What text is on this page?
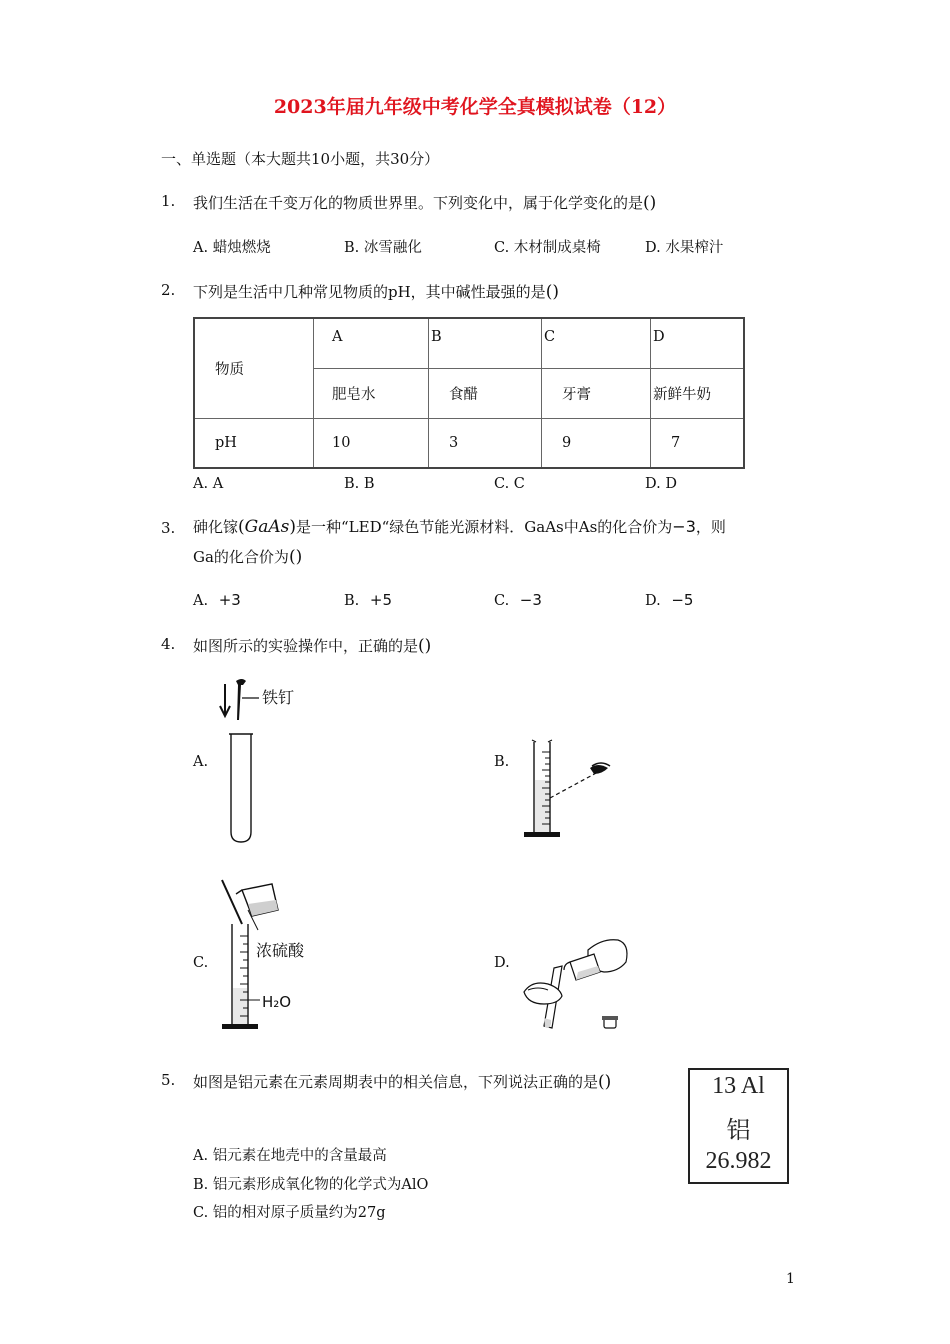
2023年届九年级中考化学全真模拟试卷（12）
一、单选题（本大题共10小题，共30分）
1. 我们生活在千变万化的物质世界里。下列变化中，属于化学变化的是()
A. 蜡烛燃烧	B. 冰雪融化	C. 木材制成桌椅	D. 水果榨汁
2. 下列是生活中几种常见物质的pH，其中碱性最强的是()
物质	A	B	C	D
	肥皂水	食醋	牙膏	新鲜牛奶
pH	10	3	9	7
A. A	B. B	C. C	D. D
3. 砷化镓(GaAs)是一种“LED“绿色节能光源材料．GaAs中As的化合价为−3，则
Ga的化合价为()
A. +3	B. +5	C. −3	D. −5
4. 如图所示的实验操作中，正确的是()
A.	B.
C.	D.
铁钉
浓硫酸
H₂O
5. 如图是铝元素在元素周期表中的相关信息，下列说法正确的是()	13 Al
铝
26.982
A. 铝元素在地壳中的含量最高
B. 铝元素形成氧化物的化学式为AlO
C. 铝的相对原子质量约为27g
1
